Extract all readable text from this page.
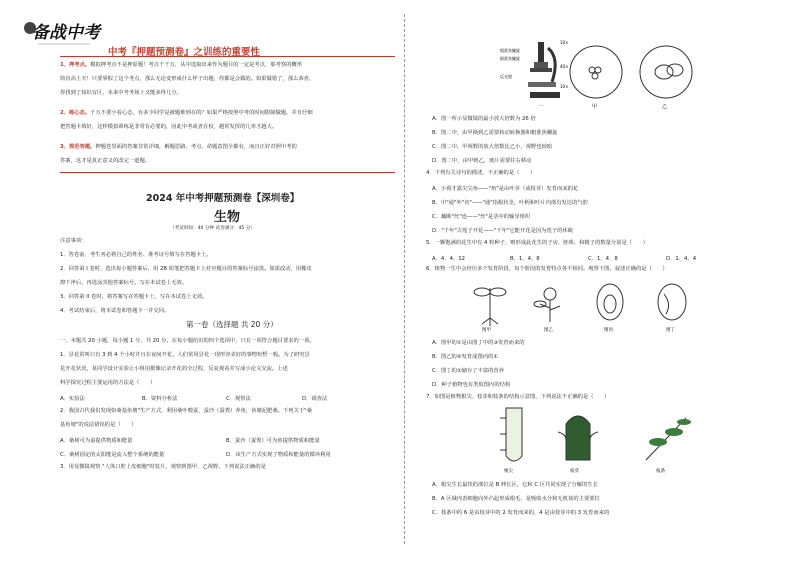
备战中考
中考『押题预测卷』之训练的重要性
1、押考点。模拟押考点不是押原题！考点千千万，从中选取出来作为题目的一定是考点，那考察的概率
简直高上天！只要掌握了这个考点，那么无论变形成什么样子出题，你都是会做的。如果做错了，那么恭喜，
你找到了知识盲区，未来中考考场上又能多得几分。
2、练心态。千万不要小看心态，有多少同学是被题难到在的？如果严格按照中考的时间限制做题，并且仔细
把答题卡填好，这样模拟训练是非常有必要的，因此中考或者在校，越常发挥的几率才越大。
3、规范答题。押题卷里面的答案非常详细，解题思路、考点、命题意图全都有，而且正好对照中考的
答案，这才是真正意义的改完一道题。
2024 年中考押题预测卷【深圳卷】
生物
（考试时间：40 分钟 试卷满分：45 分）
注意事项：
1．答卷前，考生务必将自己的姓名、准考证号填写在答题卡上。
2．回答第 I 卷时，选出每小题答案后，用 2B 铅笔把答题卡上对应题目的答案标号涂黑。如需改动，用橡皮
擦干净后，再选涂其他答案标号。写在本试卷上无效。
3．回答第 II 卷时，将答案写在答题卡上，写在本试卷上无效。
4．考试结束后，将本试卷和答题卡一并交回。
第一卷（选择题 共 20 分）
一、本题共 20 小题，每小题 1 分，共 20 分。在每小题给出的四个选项中，只有一项符合题目要求的一项。
1．昙花常叫只有 3 到 4 个小时并且在夜间开花，人们常用昙花一现形容美好的事物短暂一般。为了研究昙
花开花状况，某同学设计实验让小组用摄像记录开花的全过程，反复观看并写成小论文交流。上述
科学探究过程主要运用的方法是（　　）
A．实验法	B．资料分析法	C．观察法	D．调查法
2．我国古代我们发现如桑基鱼塘"生产方式，利用桑叶喂蚕，蚕沙（蚕粪）养鱼，鱼塘泥肥桑。下列关于"桑
基鱼塘"的说法错误的是（　　）
A．桑树可为蚕提供物质和能量	B．蚕沙（蚕粪）可为鱼提供物质和能量
C．桑树固定的太阳能是流入整个系统的能量	D．该生产方式实现了物质和能量的循环利用
3．用显微镜观察 "人体口腔上皮细胞"时装片，观察到图甲、乙视野。下列说法正确的是
粗准焦螺旋
细准焦螺旋
反光镜
10×
40×
10×
一	甲	乙
A．图一所示显微镜的最小放大倍数为 26 倍
B．图二中，由甲换到乙需要转动转换器和粗准焦螺旋
C．图二中，甲视野的放大倍数比乙小，视野也较暗
D．图二中，由甲到乙，玻片需要往右移动
4．下列有关诗句的描述，不正确的是（　　）
A．小荷才露尖尖角——"角"是由叶芽（或枝芽）发育而来的花
B．中"通"外"直"——"通"指根状茎，叶柄和叶片内部有发达的气腔
C．藕断"丝"连——"丝"是茎中的输导组织
D．"千年"古莲子开花——"千年"它能开花是因为莲子的休眠
5．一颗饱满的花生中有 4 粒种子，则形成此花生的子房、胚珠、和精子的数量分别是（　　）
A．4、4、12	B．1、4、8	C．1、4、8	D．1、4、4
6．植物一生中会经历多个发育阶段，每个阶段的发育特点各不相同。观察下图，叙述正确的是（　　）
图甲	图乙	图丙	图丁
A．图甲的①是由图丁中的③发育而来的
B．图乙的⑥发育成图丙的①
C．图丁的②储存了丰富的营养
D．种子植物也有类似图丙的结构
7．如图是植物根尖、枝芽和枝条的结构示意图，下列说法不正确的是（　　）
根尖	枝芽	枝条
A．根尖生长最快的部位是 B 伸长区，它和 C 区共同实现了分解的生长
B．A 区域内表细胞向外凸起形成根毛，是吸收水分和无机盐的主要部位
C．枝条中的 6 是由枝芽中的 2 发育而来的，4 是由枝芽中的 3 发育而来的
